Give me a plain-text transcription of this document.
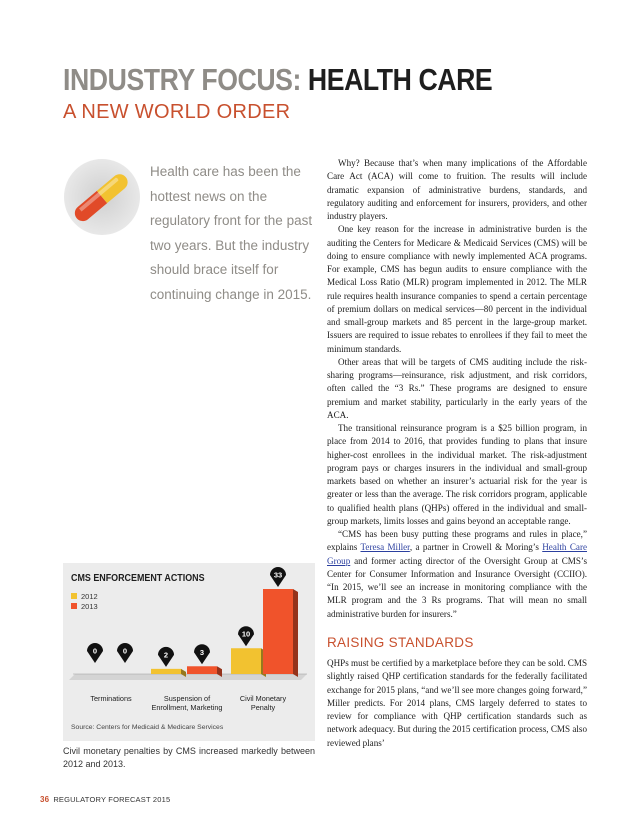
INDUSTRY FOCUS: HEALTH CARE
A NEW WORLD ORDER

Health care has been the hottest news on the regulatory front for the past two years. But the industry should brace itself for continuing change in 2015.

Why? Because that’s when many implications of the Affordable Care Act (ACA) will come to fruition. The results will include dramatic expansion of administrative burdens, standards, and regulatory auditing and enforcement for insurers, providers, and other industry players.

One key reason for the increase in administrative burden is the auditing the Centers for Medicare & Medicaid Services (CMS) will be doing to ensure compliance with newly implemented ACA programs. For example, CMS has begun audits to ensure compliance with the Medical Loss Ratio (MLR) program implemented in 2012. The MLR rule requires health insurance companies to spend a certain percentage of premium dollars on medical services—80 percent in the individual and small-group markets and 85 percent in the large-group market. Issuers are required to issue rebates to enrollees if they fail to meet the minimum standards.

Other areas that will be targets of CMS auditing include the risk-sharing programs—reinsurance, risk adjustment, and risk corridors, often called the “3 Rs.” These programs are designed to ensure premium and market stability, particularly in the early years of the ACA.

The transitional reinsurance program is a $25 billion program, in place from 2014 to 2016, that provides funding to plans that insure higher-cost enrollees in the individual market. The risk-adjustment program pays or charges insurers in the individual and small-group markets based on whether an insurer’s actuarial risk for the year is greater or less than the average. The risk corridors program, applicable to qualified health plans (QHPs) offered in the individual and small-group markets, limits losses and gains beyond an acceptable range.

“CMS has been busy putting these programs and rules in place,” explains Teresa Miller, a partner in Crowell & Moring’s Health Care Group and former acting director of the Oversight Group at CMS’s Center for Consumer Information and Insurance Oversight (CCIIO). “In 2015, we’ll see an increase in monitoring compliance with the MLR program and the 3 Rs programs. That will mean no small administrative burden for insurers.”

RAISING STANDARDS

QHPs must be certified by a marketplace before they can be sold. CMS slightly raised QHP certification standards for the federally facilitated exchange for 2015 plans, “and we’ll see more changes going forward,” Miller predicts. For 2014 plans, CMS largely deferred to states to review for compliance with QHP certification standards such as network adequacy. But during the 2015 certification process, CMS also reviewed plans’

CMS ENFORCEMENT ACTIONS
2012
2013
0	0	2	3
10
33
Terminations	Suspension of Enrollment, Marketing
Civil Monetary Penalty
Source: Centers for Medicaid & Medicare Services

Civil monetary penalties by CMS increased markedly between 2012 and 2013.

36 REGULATORY FORECAST 2015
